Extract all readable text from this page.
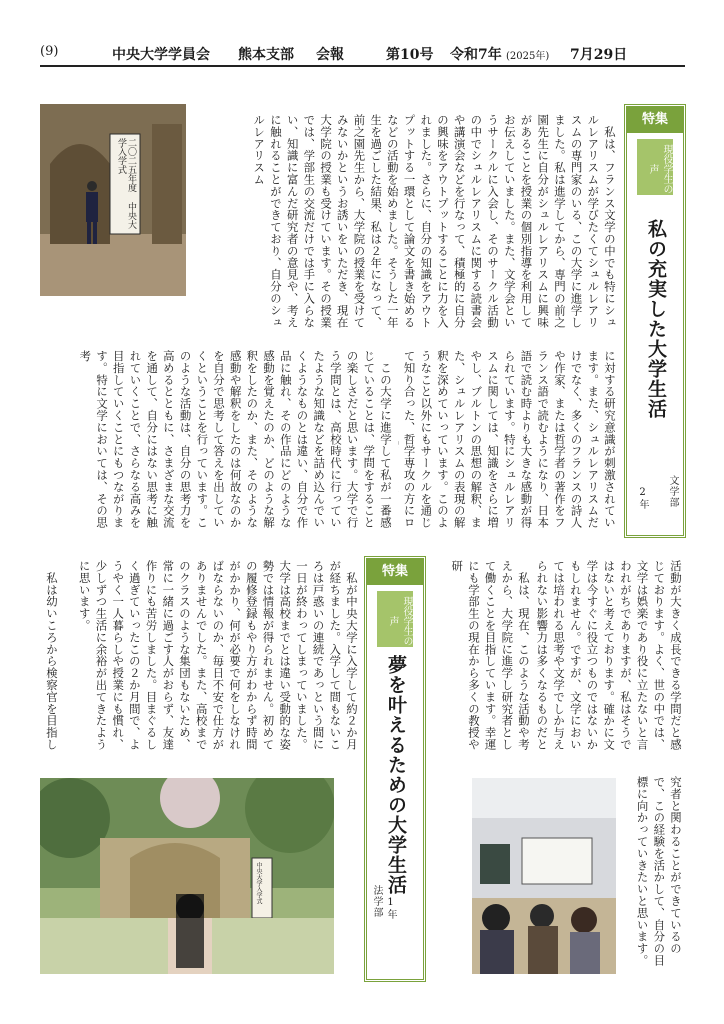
(9)	中央大学学員会 熊本支部 会報	第10号 令和7年 (2025年) 7月29日
特集
現役学生の声
私の充実した大学生活
文学部
2年
　私は、フランス文学の中でも特にシュルレアリスムが学びたくてシュルレアリスムの専門家のいる、この大学に進学しました。私は進学してから、専門の前之園先生に自分がシュルレアリスムに興味があることを授業の個別指導を利用してお伝えしていました。また、文学会というサークルに入会し、そのサークル活動の中でシュルレアリスムに関する読書会や講演会などを行なって、積極的に自分の興味をアウトプットすることに力を入れました。さらに、自分の知識をアウトプットする一環として論文を書き始めるなどの活動を始めました。そうした一年生を過ごした結果、私は２年になって、前之園先生から、大学院の授業を受けてみないかというお誘いをいただき、現在大学院の授業も受けています。その授業では、学部生の交流だけでは手に入らない、知識に富んだ研究者の意見や、考えに触れることができており、自分のシュルレアリスム
に対する研究意識が刺激されています。また、シュルレアリスムだけでなく、多くのフランスの詩人や作家、または哲学者の著作をフランス語で読むようになり、日本語で読む時よりも大きな感動が得られています。特にシュルレアリスムに関しては、知識をさらに増やし、ブルトンの思想の解釈、また、シュルレアリスムの表現の解釈を深めていっています。このようなこと以外にもサークルを通じて知り合った、哲学専攻の方にロ
　この大学に進学して私が一番感じていることは、学問をすることの楽しさだと思います。大学で行う学問とは、高校時代に行っていたような知識などを詰め込んでいくようなものとは違い、自分で作品に触れ、その作品にどのような感動を覚えたのか、どのような解釈をしたのか、また、そのような感動や解釈をしたのは何故なのかを自分で思考して答えを出していくということを行っています。このような活動は、自分の思考力を高めるとともに、さまざまな交流を通して、自分にはない思考に触れていくことで、さらなる高みを目指していくことにもつながります。特に文学においては、その思考
活動が大きく成長できる学問だと感じております。よく、世の中では、文学は娯楽であり役に立たないと言われがちでありますが、私はそうではないと考えております。確かに文学は今すぐに役立つものではないかもしれません。ですが、文学においては培われる思考や文学でしか与えられない影響力は多くなるものだと
　私は、現在、このような活動や考えから、大学院に進学し研究者として働くことを目指しています。幸運にも学部生の現在から多くの教授や研
究者と関わることができているので、この経験を活かして、自分の目標に向かっていきたいと思います。
特集
現役学生の声
夢を叶えるための大学生活
法学部 1年
　私が中央大学に入学して約２か月が経ちました。入学して間もないころは戸惑いの連続であっという間に一日が終わってしまっていました。大学は高校までとは違い受動的な姿勢では情報が得られません。初めての履修登録もやり方がわからず時間がかかり、何が必要で何をしなければならないのか、毎日不安で仕方がありませんでした。また、高校までのクラスのような集団もないため、常に一緒に過ごす人がおらず、友達作りにも苦労しました。目まぐるしく過ぎていったこの２か月間で、ようやく一人暮らしや授業にも慣れ、少しずつ生活に余裕が出てきたように思います。
　私は幼いころから検察官を目指し
二〇二五年度 中央大学入学式
中央大学入学式
